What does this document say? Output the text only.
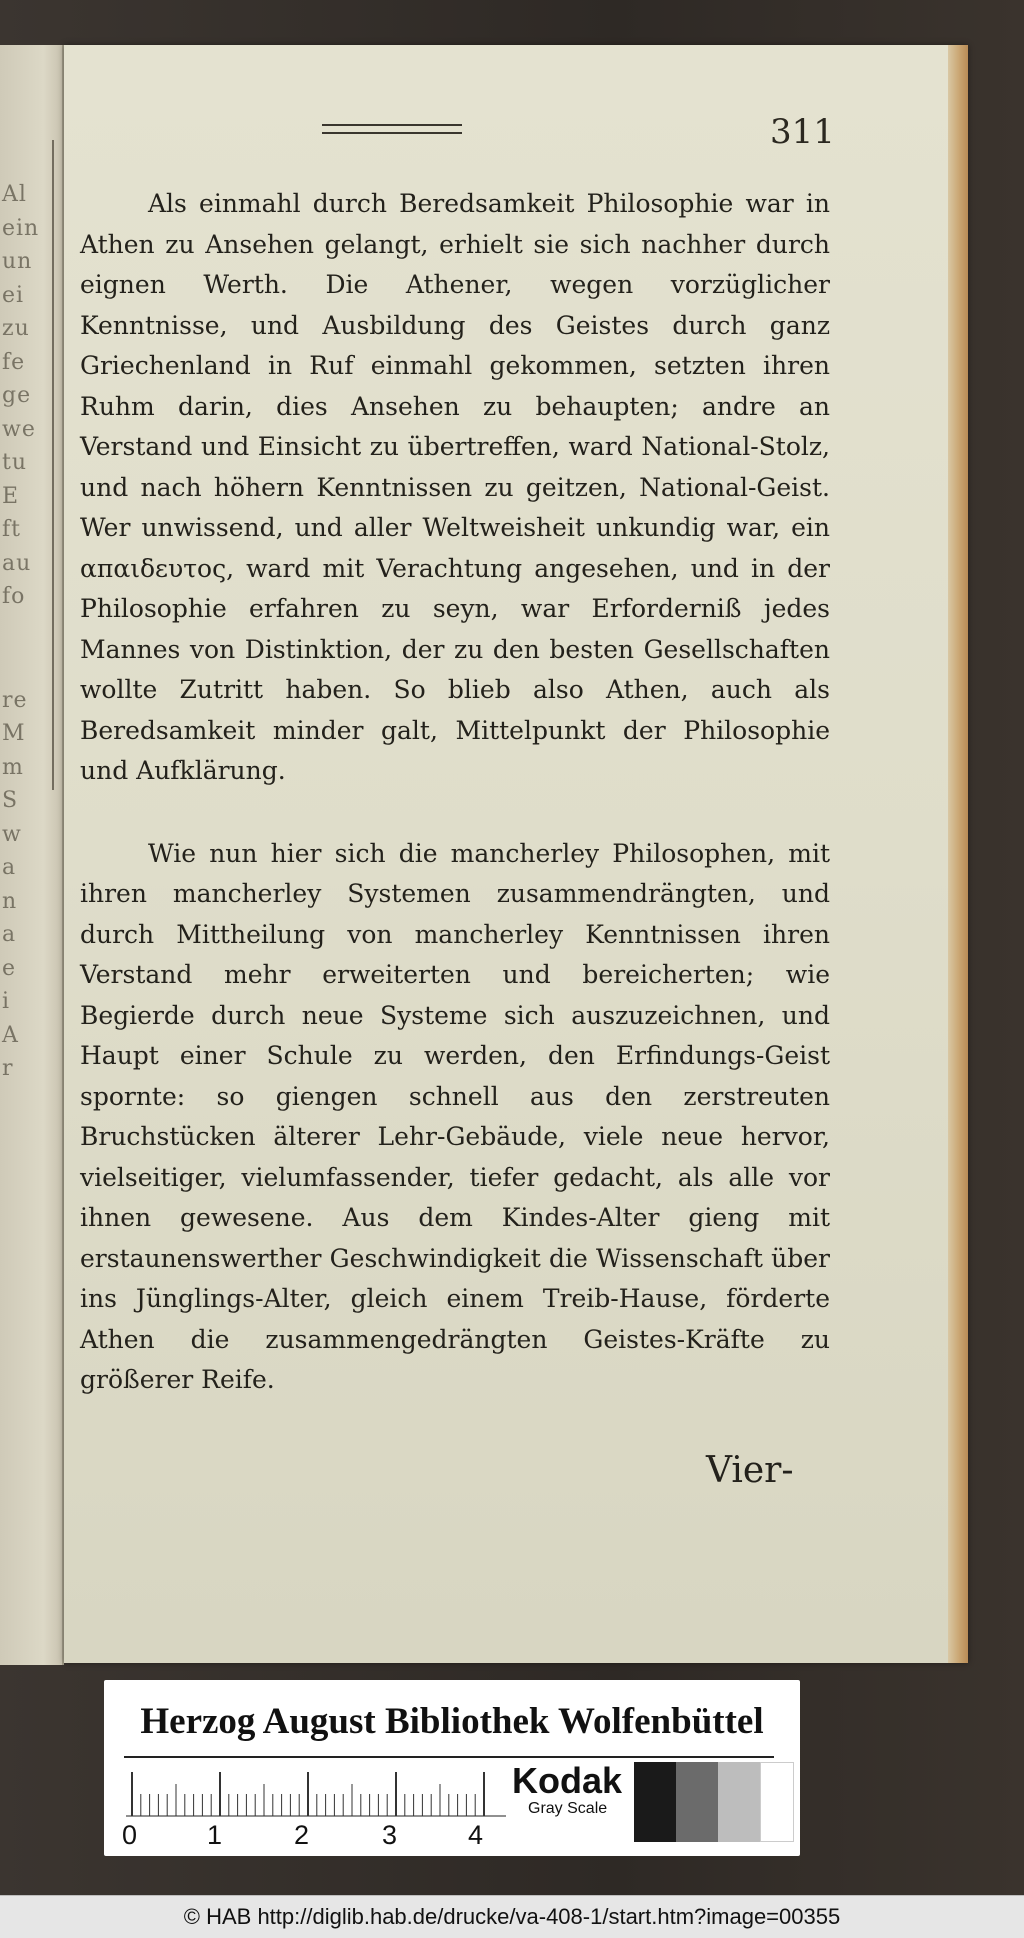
Al
ein
un
ei
zu
fe
ge
we
tu
E
ft
au
fo
re
M
m
S
w
a
n
a
e
i
A
r
311

Als einmahl durch Beredsamkeit Philosophie war in Athen zu Ansehen gelangt, erhielt sie sich nachher durch eignen Werth. Die Athener, wegen vorzüglicher Kenntnisse, und Ausbildung des Geistes durch ganz Griechenland in Ruf einmahl gekommen, setzten ihren Ruhm darin, dies Ansehen zu behaupten; andre an Verstand und Einsicht zu übertreffen, ward National-Stolz, und nach höhern Kenntnissen zu geitzen, National-Geist. Wer unwissend, und aller Weltweisheit unkundig war, ein απαιδευτος, ward mit Verachtung angesehen, und in der Philosophie erfahren zu seyn, war Erforderniß jedes Mannes von Distinktion, der zu den besten Gesellschaften wollte Zutritt haben. So blieb also Athen, auch als Beredsamkeit minder galt, Mittelpunkt der Philosophie und Aufklärung.

Wie nun hier sich die mancherley Philosophen, mit ihren mancherley Systemen zusammendrängten, und durch Mittheilung von mancherley Kenntnissen ihren Verstand mehr erweiterten und bereicherten; wie Begierde durch neue Systeme sich auszuzeichnen, und Haupt einer Schule zu werden, den Erfindungs-Geist spornte: so giengen schnell aus den zerstreuten Bruchstücken älterer Lehr-Gebäude, viele neue hervor, vielseitiger, vielumfassender, tiefer gedacht, als alle vor ihnen gewesene. Aus dem Kindes-Alter gieng mit erstaunenswerther Geschwindigkeit die Wissenschaft über ins Jünglings-Alter, gleich einem Treib-Hause, förderte Athen die zusammengedrängten Geistes-Kräfte zu größerer Reife.

Vier-
Herzog August Bibliothek Wolfenbüttel
0	1	2	3	4
Kodak
Gray Scale
© HAB http://diglib.hab.de/drucke/va-408-1/start.htm?image=00355
